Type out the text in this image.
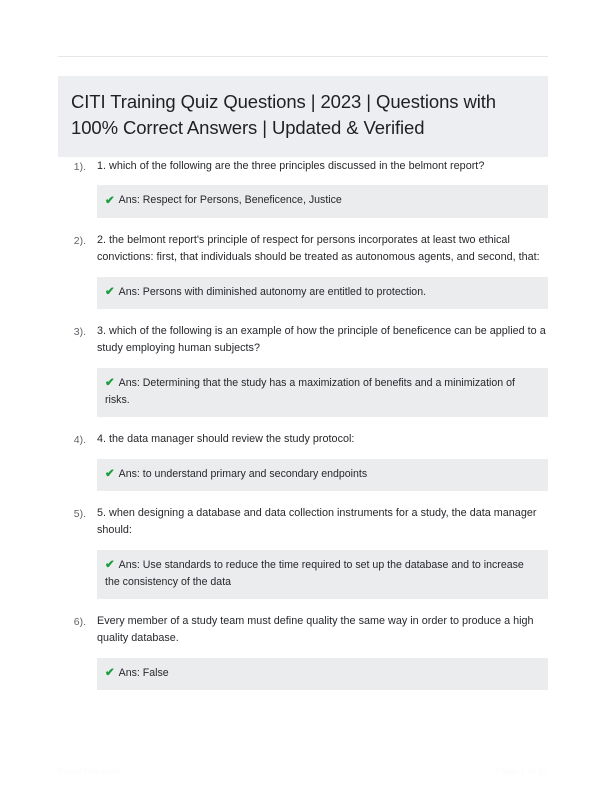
CITI Training Quiz Questions | 2023 | Questions with 100% Correct Answers | Updated & Verified
1). 1. which of the following are the three principles discussed in the belmont report?

✔ Ans: Respect for Persons, Beneficence, Justice
2). 2. the belmont report's principle of respect for persons incorporates at least two ethical convictions: first, that individuals should be treated as autonomous agents, and second, that:

✔ Ans: Persons with diminished autonomy are entitled to protection.
3). 3. which of the following is an example of how the principle of beneficence can be applied to a study employing human subjects?

✔ Ans: Determining that the study has a maximization of benefits and a minimization of risks.
4). 4. the data manager should review the study protocol:

✔ Ans: to understand primary and secondary endpoints
5). 5. when designing a database and data collection instruments for a study, the data manager should:

✔ Ans: Use standards to reduce the time required to set up the database and to increase the consistency of the data
6). Every member of a study team must define quality the same way in order to produce a high quality database.

✔ Ans: False
PaperTitle.com	Page 1 of 10
